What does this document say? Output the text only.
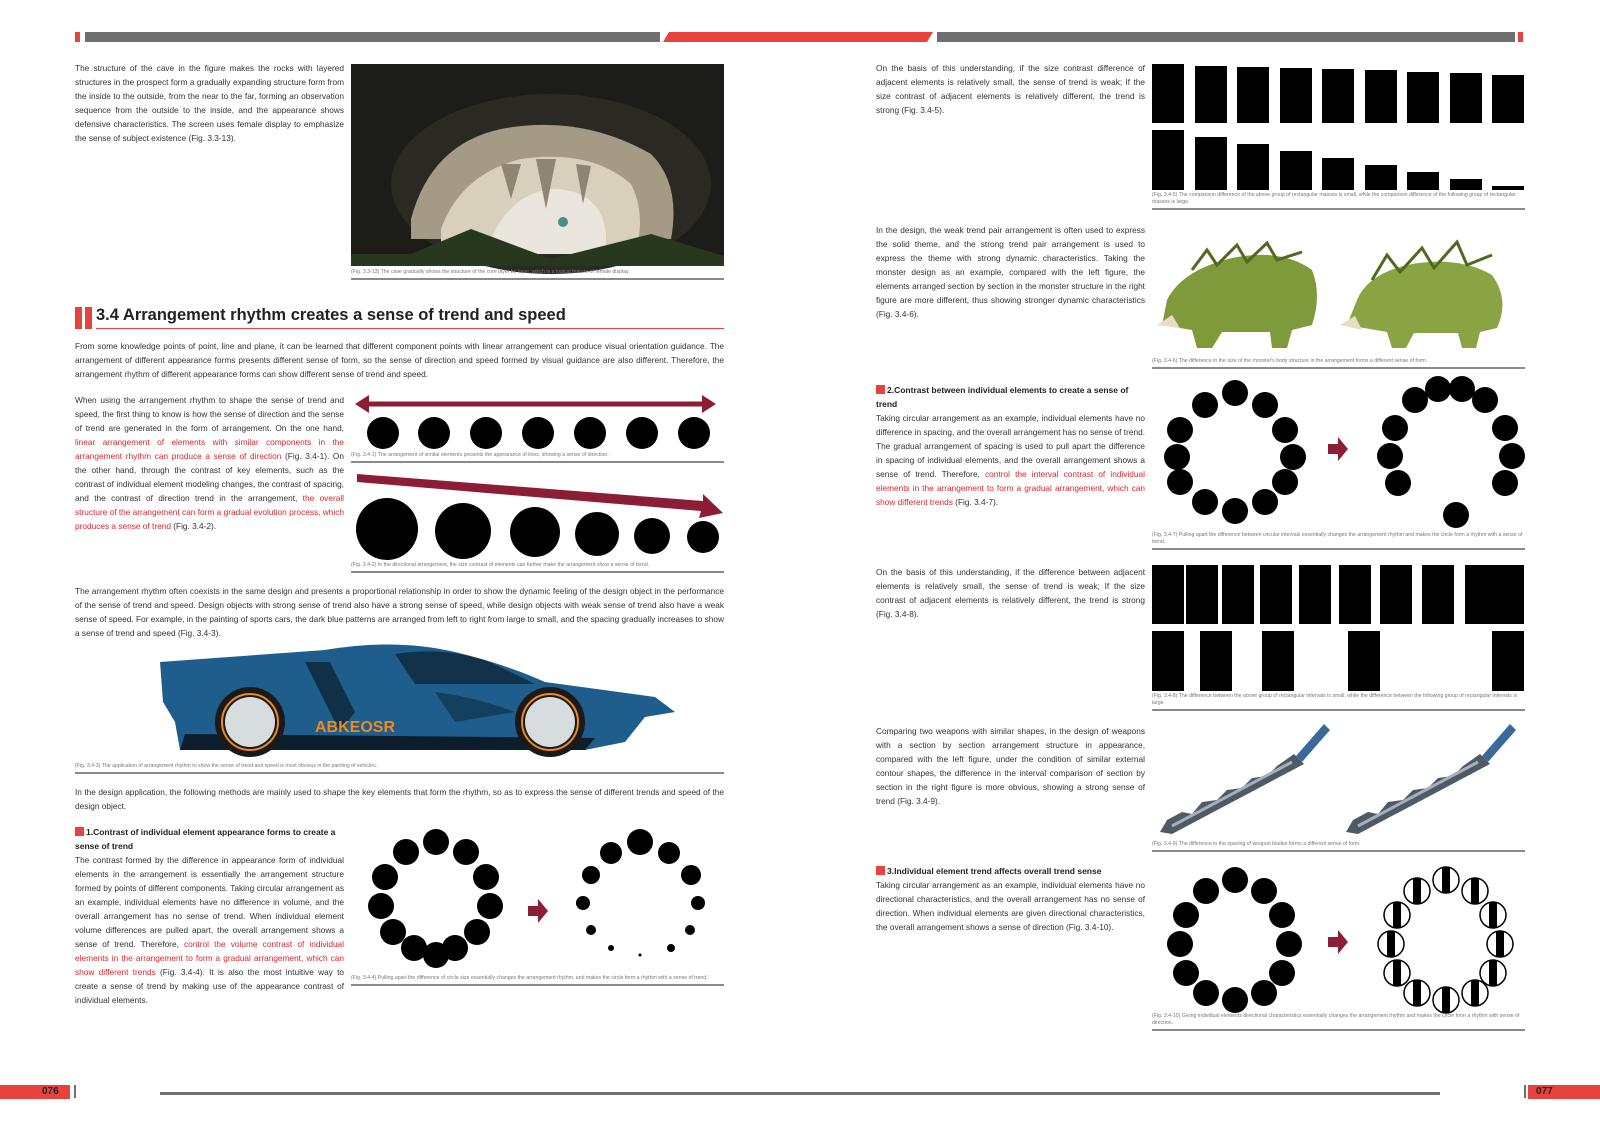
The structure of the cave in the figure makes the rocks with layered structures in the prospect form a gradually expanding structure form from the inside to the outside, from the near to the far, forming an observation sequence from the outside to the inside, and the appearance shows defensive characteristics. The screen uses female display to emphasize the sense of subject existence (Fig. 3.3-13).

(Fig. 3.3-13) The cave gradually shows the structure of the core layer by layer, which is a typical feature of female display.
3.4 Arrangement rhythm creates a sense of trend and speed

From some knowledge points of point, line and plane, it can be learned that different component points with linear arrangement can produce visual orientation guidance. The arrangement of different appearance forms presents different sense of form, so the sense of direction and speed formed by visual guidance are also different. Therefore, the arrangement rhythm of different appearance forms can show different sense of trend and speed.

When using the arrangement rhythm to shape the sense of trend and speed, the first thing to know is how the sense of direction and the sense of trend are generated in the form of arrangement. On the one hand, linear arrangement of elements with similar components in the arrangement rhythm can produce a sense of direction (Fig. 3.4-1). On the other hand, through the contrast of key elements, such as the contrast of individual element modeling changes, the contrast of spacing, and the contrast of direction trend in the arrangement, the overall structure of the arrangement can form a gradual evolution process, which produces a sense of trend (Fig. 3.4-2).

(Fig. 3.4-1) The arrangement of similar elements presents the appearance of lines, showing a sense of direction.
(Fig. 3.4-2) In the directional arrangement, the size contrast of elements can further make the arrangement show a sense of trend.

The arrangement rhythm often coexists in the same design and presents a proportional relationship in order to show the dynamic feeling of the design object in the performance of the sense of trend and speed. Design objects with strong sense of trend also have a strong sense of speed, while design objects with weak sense of trend also have a weak sense of speed. For example, in the painting of sports cars, the dark blue patterns are arranged from left to right from large to small, and the spacing gradually increases to show a sense of trend and speed (Fig. 3.4-3).

ABKEOSR
(Fig. 3.4-3) The application of arrangement rhythm to show the sense of trend and speed is most obvious in the painting of vehicles.

In the design application, the following methods are mainly used to shape the key elements that form the rhythm, so as to express the sense of different trends and speed of the design object.

1.Contrast of individual element appearance forms to create a sense of trend

The contrast formed by the difference in appearance form of individual elements in the arrangement is essentially the arrangement structure formed by points of different components. Taking circular arrangement as an example, individual elements have no difference in volume, and the overall arrangement has no sense of trend. When individual element volume differences are pulled apart, the overall arrangement shows a sense of trend. Therefore, control the volume contrast of individual elements in the arrangement to form a gradual arrangement, which can show different trends (Fig. 3.4-4). It is also the most intuitive way to create a sense of trend by making use of the appearance contrast of individual elements.

(Fig. 3.4-4) Pulling apart the difference of circle size essentially changes the arrangement rhythm, and makes the circle form a rhythm with a sense of trend.
076

On the basis of this understanding, if the size contrast difference of adjacent elements is relatively small, the sense of trend is weak; If the size contrast of adjacent elements is relatively different, the trend is strong (Fig. 3.4-5).

(Fig. 3.4-5) The comparison difference of the above group of rectangular masses is small, while the comparison difference of the following group of rectangular masses is large.

In the design, the weak trend pair arrangement is often used to express the solid theme, and the strong trend pair arrangement is used to express the theme with strong dynamic characteristics. Taking the monster design as an example, compared with the left figure, the elements arranged section by section in the monster structure in the right figure are more different, thus showing stronger dynamic characteristics (Fig. 3.4-6).

(Fig. 3.4-6) The difference in the size of the monster's body structure in the arrangement forms a different sense of form.
2.Contrast between individual elements to create a sense of trend

Taking circular arrangement as an example, individual elements have no difference in spacing, and the overall arrangement has no sense of trend. The gradual arrangement of spacing is used to pull apart the difference in spacing of individual elements, and the overall arrangement shows a sense of trend. Therefore, control the interval contrast of individual elements in the arrangement to form a gradual arrangement, which can show different trends (Fig. 3.4-7).

(Fig. 3.4-7) Pulling apart the difference between circular intervals essentially changes the arrangement rhythm and makes the circle form a rhythm with a sense of trend.

On the basis of this understanding, if the difference between adjacent elements is relatively small, the sense of trend is weak; If the size contrast of adjacent elements is relatively different, the trend is strong (Fig. 3.4-8).

(Fig. 3.4-8) The difference between the above group of rectangular intervals is small, while the difference between the following group of rectangular intervals is large.

Comparing two weapons with similar shapes, in the design of weapons with a section by section arrangement structure in appearance, compared with the left figure, under the condition of similar external contour shapes, the difference in the interval comparison of section by section in the right figure is more obvious, showing a strong sense of trend (Fig. 3.4-9).

(Fig. 3.4-9) The difference in the spacing of weapon blades forms a different sense of form.
3.Individual element trend affects overall trend sense

Taking circular arrangement as an example, individual elements have no directional characteristics, and the overall arrangement has no sense of direction. When individual elements are given directional characteristics, the overall arrangement shows a sense of direction (Fig. 3.4-10).

(Fig. 3.4-10) Giving individual elements directional characteristics essentially changes the arrangement rhythm and makes the circle form a rhythm with sense of direction.
077
